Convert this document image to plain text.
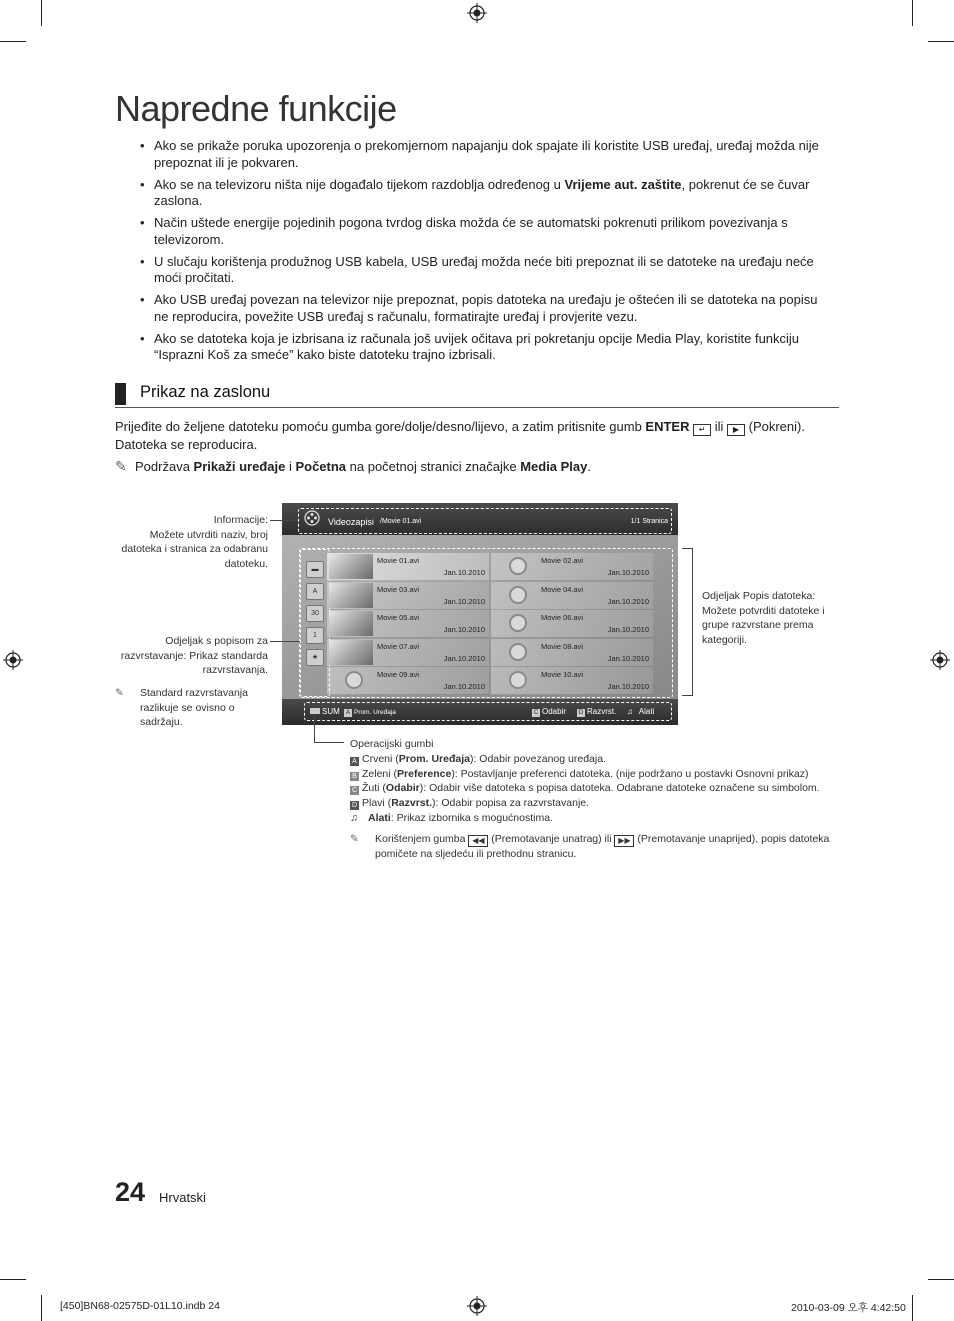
Napredne funkcije
• Ako se prikaže poruka upozorenja o prekomjernom napajanju dok spajate ili koristite USB uređaj, uređaj možda nije prepoznat ili je pokvaren.
• Ako se na televizoru ništa nije događalo tijekom razdoblja određenog u Vrijeme aut. zaštite, pokrenut će se čuvar zaslona.
• Način uštede energije pojedinih pogona tvrdog diska možda će se automatski pokrenuti prilikom povezivanja s televizorom.
• U slučaju korištenja produžnog USB kabela, USB uređaj možda neće biti prepoznat ili se datoteke na uređaju neće moći pročitati.
• Ako USB uređaj povezan na televizor nije prepoznat, popis datoteka na uređaju je oštećen ili se datoteka na popisu ne reproducira, povežite USB uređaj s računalu, formatirajte uređaj i provjerite vezu.
• Ako se datoteka koja je izbrisana iz računala još uvijek očitava pri pokretanju opcije Media Play, koristite funkciju “Isprazni Koš za smeće” kako biste datoteku trajno izbrisali.
Prikaz na zaslonu
Prijeđite do željene datoteku pomoću gumba gore/dolje/desno/lijevo, a zatim pritisnite gumb ENTER ↵ ili ▶ (Pokreni). Datoteka se reproducira.
✎ Podržava Prikaži uređaje i Početna na početnoj stranici značajke Media Play.
Videozapisi /Movie 01.avi	1/1 Stranica
▬
A
30
1
★
Movie 01.avi
Jan.10.2010
Movie 02.avi
Jan.10.2010
Movie 03.avi
Jan.10.2010
Movie 04.avi
Jan.10.2010
Movie 05.avi
Jan.10.2010
Movie 06.avi
Jan.10.2010
Movie 07.avi
Jan.10.2010
Movie 08.avi
Jan.10.2010
Movie 09.avi
Jan.10.2010
Movie 10.avi
Jan.10.2010
SUM	A Prom. Uređaja	C Odabir	D Razvrst. ♫ Alati
Informacije:
Možete utvrditi naziv, broj datoteka i stranica za odabranu datoteku.
Odjeljak s popisom za razvrstavanje: Prikaz standarda razvrstavanja.
✎	Standard razvrstavanja razlikuje se ovisno o sadržaju.
Odjeljak Popis datoteka: Možete potvrditi datoteke i grupe razvrstane prema kategoriji.
Operacijski gumbi
A Crveni (Prom. Uređaja): Odabir povezanog uređaja.
B Zeleni (Preference): Postavljanje preferenci datoteka. (nije podržano u postavki Osnovni prikaz)
C Žuti (Odabir): Odabir više datoteka s popisa datoteka. Odabrane datoteke označene su simbolom.
D Plavi (Razvrst.): Odabir popisa za razvrstavanje.
♫ Alati: Prikaz izbornika s mogućnostima.
✎ Korištenjem gumba ◀◀ (Premotavanje unatrag) ili ▶▶ (Premotavanje unaprijed), popis datoteka pomičete na sljedeću ili prethodnu stranicu.
24 Hrvatski
[450]BN68-02575D-01L10.indb 24	2010-03-09 오후 4:42:50
